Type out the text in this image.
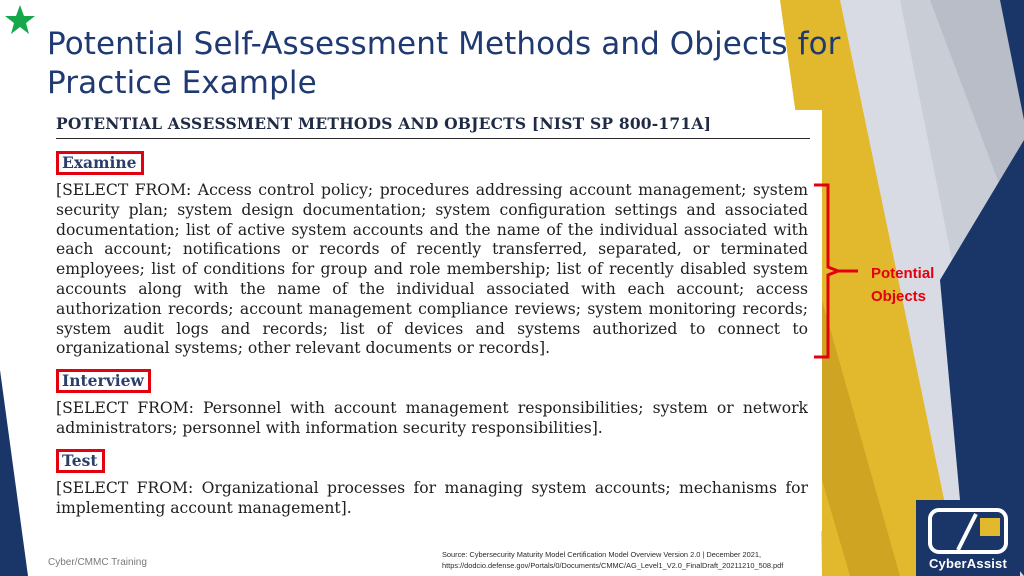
Potential Self-Assessment Methods and Objects for Practice Example
POTENTIAL ASSESSMENT METHODS AND OBJECTS [NIST SP 800-171A]
Examine

[SELECT FROM: Access control policy; procedures addressing account management; system security plan; system design documentation; system configuration settings and associated documentation; list of active system accounts and the name of the individual associated with each account; notifications or records of recently transferred, separated, or terminated employees; list of conditions for group and role membership; list of recently disabled system accounts along with the name of the individual associated with each account; access authorization records; account management compliance reviews; system monitoring records; system audit logs and records; list of devices and systems authorized to connect to organizational systems; other relevant documents or records].

Interview

[SELECT FROM: Personnel with account management responsibilities; system or network administrators; personnel with information security responsibilities].

Test

[SELECT FROM: Organizational processes for managing system accounts; mechanisms for implementing account management].

Potential
Objects
Cyber/CMMC Training
Source: Cybersecurity Maturity Model Certification Model Overview Version 2.0 | December 2021,
https://dodcio.defense.gov/Portals/0/Documents/CMMC/AG_Level1_V2.0_FinalDraft_20211210_508.pdf	CyberAssist
